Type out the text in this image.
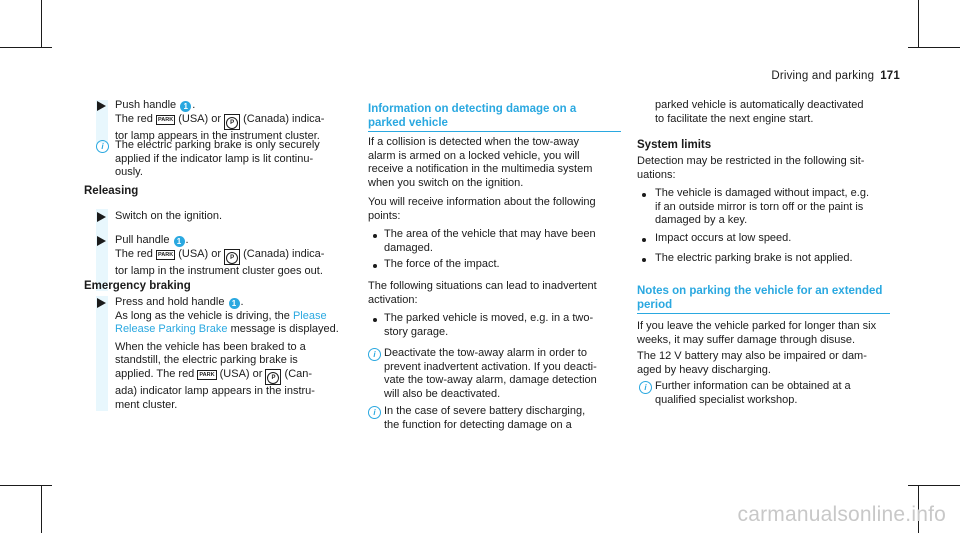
Driving and parking 171
Push handle 1 .
The red PARK (USA) or P (Canada) indica-
tor lamp appears in the instrument cluster.
i	The electric parking brake is only securely
applied if the indicator lamp is lit continu-
ously.
Releasing
Switch on the ignition.
Pull handle 1 .
The red PARK (USA) or P (Canada) indica-
tor lamp in the instrument cluster goes out.
Emergency braking
Press and hold handle 1 .
As long as the vehicle is driving, the Please
Release Parking Brake message is displayed.
When the vehicle has been braked to a
standstill, the electric parking brake is
applied. The red PARK (USA) or P (Can-
ada) indicator lamp appears in the instru-
ment cluster.
Information on detecting damage on a
parked vehicle
If a collision is detected when the tow-away
alarm is armed on a locked vehicle, you will
receive a notification in the multimedia system
when you switch on the ignition.
You will receive information about the following
points:
The area of the vehicle that may have been
damaged.
The force of the impact.
The following situations can lead to inadvertent
activation:
The parked vehicle is moved, e.g. in a two-
story garage.
i Deactivate the tow-away alarm in order to
prevent inadvertent activation. If you deacti-
vate the tow-away alarm, damage detection
will also be deactivated.
i In the case of severe battery discharging,
the function for detecting damage on a
parked vehicle is automatically deactivated
to facilitate the next engine start.
System limits
Detection may be restricted in the following sit-
uations:
The vehicle is damaged without impact, e.g.
if an outside mirror is torn off or the paint is
damaged by a key.
Impact occurs at low speed.
The electric parking brake is not applied.
Notes on parking the vehicle for an extended
period
If you leave the vehicle parked for longer than six
weeks, it may suffer damage through disuse.
The 12 V battery may also be impaired or dam-
aged by heavy discharging.
i Further information can be obtained at a
qualified specialist workshop.
carmanualsonline.info
